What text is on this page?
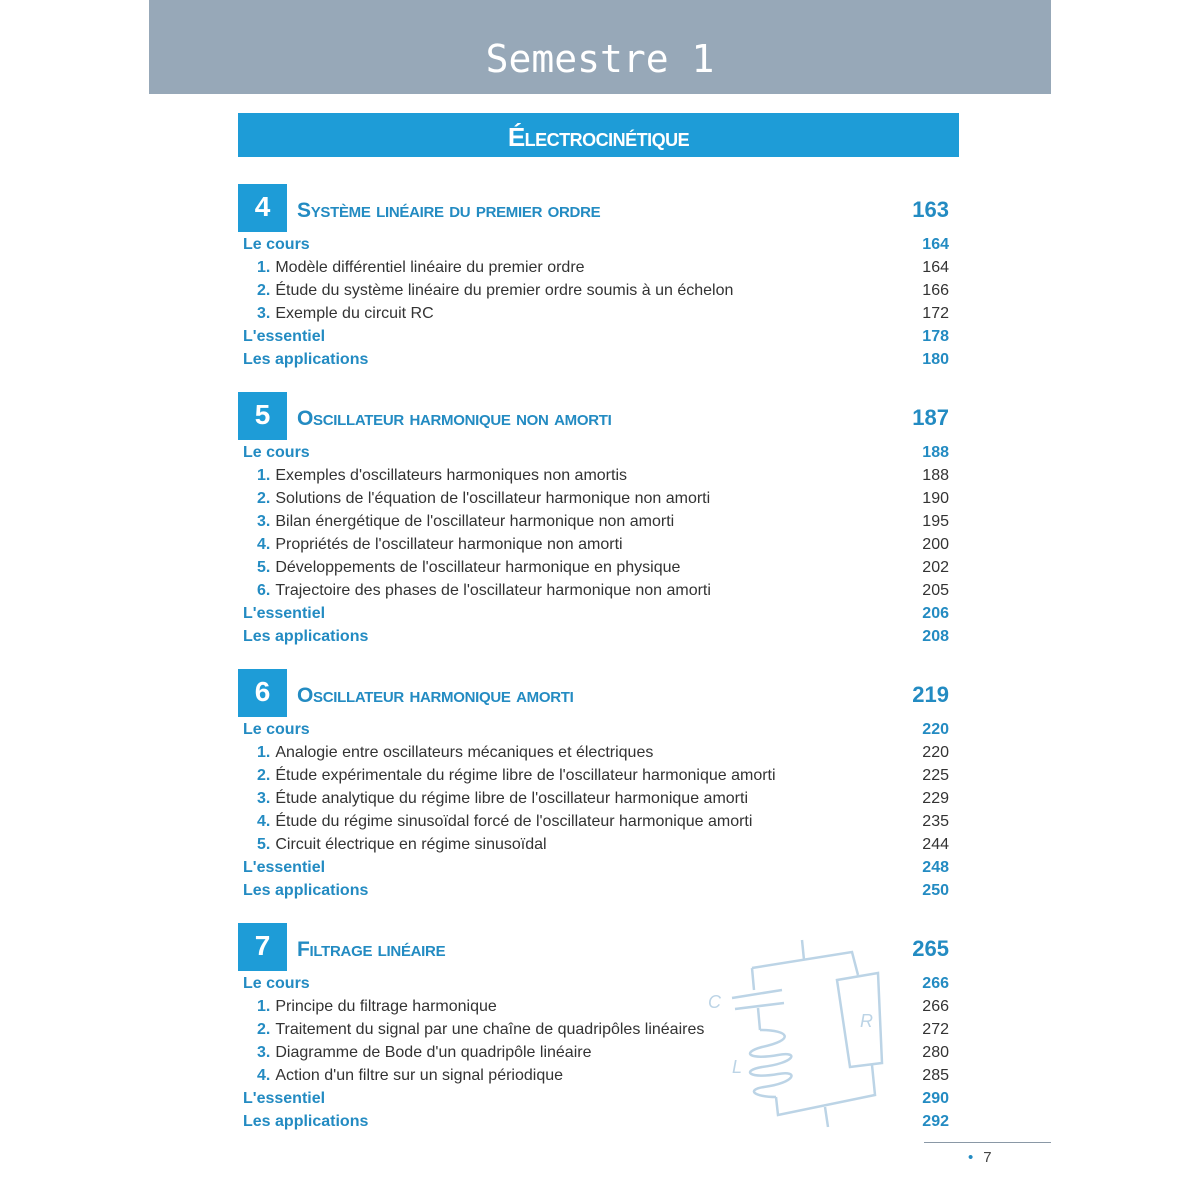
Semestre 1
Électrocinétique
4	Système linéaire du premier ordre	163
Le cours	164
1. Modèle différentiel linéaire du premier ordre	164
2. Étude du système linéaire du premier ordre soumis à un échelon	166
3. Exemple du circuit RC	172
L'essentiel	178
Les applications	180
5	Oscillateur harmonique non amorti	187
Le cours	188
1. Exemples d'oscillateurs harmoniques non amortis	188
2. Solutions de l'équation de l'oscillateur harmonique non amorti	190
3. Bilan énergétique de l'oscillateur harmonique non amorti	195
4. Propriétés de l'oscillateur harmonique non amorti	200
5. Développements de l'oscillateur harmonique en physique	202
6. Trajectoire des phases de l'oscillateur harmonique non amorti	205
L'essentiel	206
Les applications	208
6	Oscillateur harmonique amorti	219
Le cours	220
1. Analogie entre oscillateurs mécaniques et électriques	220
2. Étude expérimentale du régime libre de l'oscillateur harmonique amorti	225
3. Étude analytique du régime libre de l'oscillateur harmonique amorti	229
4. Étude du régime sinusoïdal forcé de l'oscillateur harmonique amorti	235
5. Circuit électrique en régime sinusoïdal	244
L'essentiel	248
Les applications	250
7	Filtrage linéaire	265
Le cours	266
1. Principe du filtrage harmonique	266
2. Traitement du signal par une chaîne de quadripôles linéaires	272
3. Diagramme de Bode d'un quadripôle linéaire	280
4. Action d'un filtre sur un signal périodique	285
L'essentiel	290
Les applications	292
C
L
R
• 7
